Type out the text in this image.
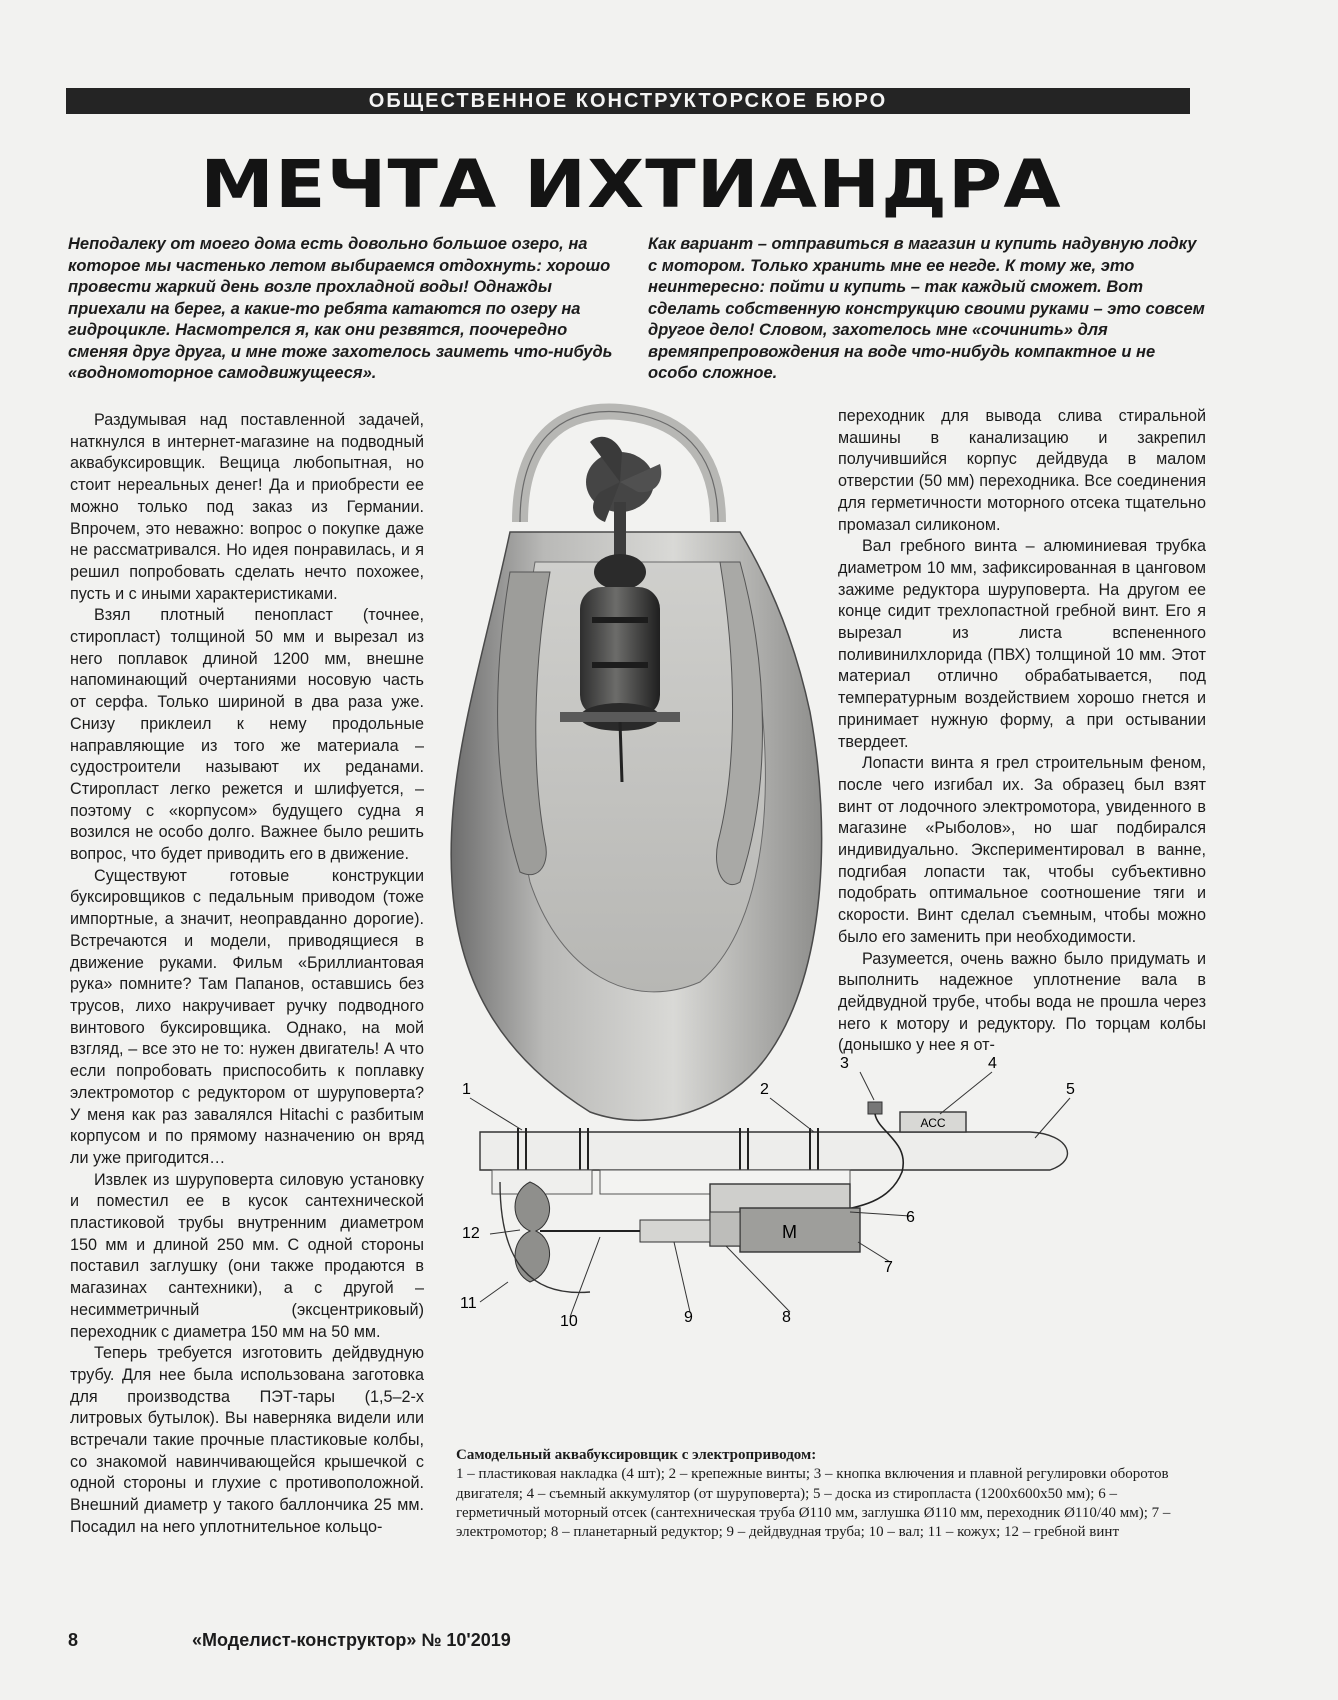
ОБЩЕСТВЕННОЕ КОНСТРУКТОРСКОЕ БЮРО
МЕЧТА ИХТИАНДРА
Неподалеку от моего дома есть довольно большое озеро, на которое мы частенько летом выбираемся отдохнуть: хорошо провести жаркий день возле прохладной воды! Однажды приехали на берег, а какие-то ребята катаются по озеру на гидроцикле. Насмотрелся я, как они резвятся, поочередно сменяя друг друга, и мне тоже захотелось заиметь что-нибудь «водномоторное самодвижущееся».
Как вариант – отправиться в магазин и купить надувную лодку с мотором. Только хранить мне ее негде. К тому же, это неинтересно: пойти и купить – так каждый сможет. Вот сделать собственную конструкцию своими руками – это совсем другое дело! Словом, захотелось мне «сочинить» для времяпрепровождения на воде что-нибудь компактное и не особо сложное.

Раздумывая над поставленной задачей, наткнулся в интернет-магазине на подводный аквабуксировщик. Вещица любопытная, но стоит нереальных денег! Да и приобрести ее можно только под заказ из Германии. Впрочем, это неважно: вопрос о покупке даже не рассматривался. Но идея понравилась, и я решил попробовать сделать нечто похожее, пусть и с иными характеристиками.

Взял плотный пенопласт (точнее, стиропласт) толщиной 50 мм и вырезал из него поплавок длиной 1200 мм, внешне напоминающий очертаниями носовую часть от серфа. Только шириной в два раза уже. Снизу приклеил к нему продольные направляющие из того же материала – судостроители называют их реданами. Стиропласт легко режется и шлифуется, – поэтому с «корпусом» будущего судна я возился не особо долго. Важнее было решить вопрос, что будет приводить его в движение.

Существуют готовые конструкции буксировщиков с педальным приводом (тоже импортные, а значит, неоправданно дорогие). Встречаются и модели, приводящиеся в движение руками. Фильм «Бриллиантовая рука» помните? Там Папанов, оставшись без трусов, лихо накручивает ручку подводного винтового буксировщика. Однако, на мой взгляд, – все это не то: нужен двигатель! А что если попробовать приспособить к поплавку электромотор с редуктором от шуруповерта? У меня как раз завалялся Hitachi с разбитым корпусом и по прямому назначению он вряд ли уже пригодится…

Извлек из шуруповерта силовую установку и поместил ее в кусок сантехнической пластиковой трубы внутренним диаметром 150 мм и длиной 250 мм. С одной стороны поставил заглушку (они также продаются в магазинах сантехники), а с другой – несимметричный (эксцентриковый) переходник с диаметра 150 мм на 50 мм.

Теперь требуется изготовить дейдвудную трубу. Для нее была использована заготовка для производства ПЭТ-тары (1,5–2-х литровых бутылок). Вы наверняка видели или встречали такие прочные пластиковые колбы, со знакомой навинчивающейся крышечкой с одной стороны и глухие с противоположной. Внешний диаметр у такого баллончика 25 мм. Посадил на него уплотнительное кольцо-

переходник для вывода слива стиральной машины в канализацию и закрепил получившийся корпус дейдвуда в малом отверстии (50 мм) переходника. Все соединения для герметичности моторного отсека тщательно промазал силиконом.

Вал гребного винта – алюминиевая трубка диаметром 10 мм, зафиксированная в цанговом зажиме редуктора шуруповерта. На другом ее конце сидит трехлопастной гребной винт. Его я вырезал из листа вспененного поливинилхлорида (ПВХ) толщиной 10 мм. Этот материал отлично обрабатывается, под температурным воздействием хорошо гнется и принимает нужную форму, а при остывании твердеет.

Лопасти винта я грел строительным феном, после чего изгибал их. За образец был взят винт от лодочного электромотора, увиденного в магазине «Рыболов», но шаг подбирался индивидуально. Экспериментировал в ванне, подгибая лопасти так, чтобы субъективно подобрать оптимальное соотношение тяги и скорости. Винт сделал съемным, чтобы можно было его заменить при необходимости.

Разумеется, очень важно было придумать и выполнить надежное уплотнение вала в дейдвудной трубе, чтобы вода не прошла через него к мотору и редуктору. По торцам колбы (донышко у нее я от-

АСС
М
1	2
3	4
5
6
7
8
9
10
11
12
Самодельный аквабуксировщик с электроприводом:
1 – пластиковая накладка (4 шт); 2 – крепежные винты; 3 – кнопка включения и плавной регулировки оборотов двигателя; 4 – съемный аккумулятор (от шуруповерта); 5 – доска из стиропласта (1200х600х50 мм); 6 – герметичный моторный отсек (сантехническая труба Ø110 мм, заглушка Ø110 мм, переходник Ø110/40 мм); 7 – электромотор; 8 – планетарный редуктор; 9 – дейдвудная труба; 10 – вал; 11 – кожух; 12 – гребной винт
8	«Моделист-конструктор» № 10'2019
